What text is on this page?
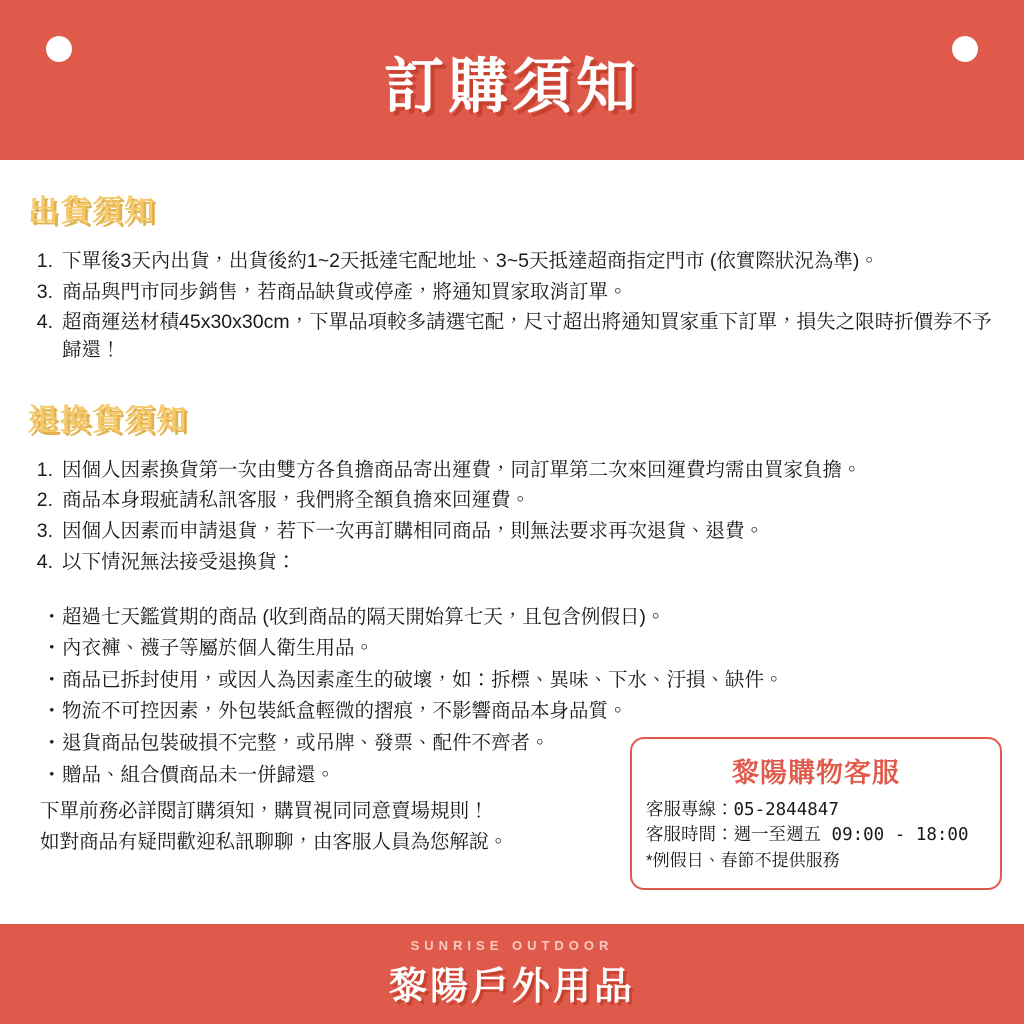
訂購須知
出貨須知
1. 下單後3天內出貨，出貨後約1~2天抵達宅配地址、3~5天抵達超商指定門市 (依實際狀況為準)。
3. 商品與門市同步銷售，若商品缺貨或停產，將通知買家取消訂單。
4. 超商運送材積45x30x30cm，下單品項較多請選宅配，尺寸超出將通知買家重下訂單，損失之限時折價券不予歸還！
退換貨須知
1. 因個人因素換貨第一次由雙方各負擔商品寄出運費，同訂單第二次來回運費均需由買家負擔。
2. 商品本身瑕疵請私訊客服，我們將全額負擔來回運費。
3. 因個人因素而申請退貨，若下一次再訂購相同商品，則無法要求再次退貨、退費。
4. 以下情況無法接受退換貨：
・ 超過七天鑑賞期的商品 (收到商品的隔天開始算七天，且包含例假日)。
・ 內衣褲、襪子等屬於個人衛生用品。
・ 商品已拆封使用，或因人為因素產生的破壞，如：拆標、異味、下水、汙損、缺件。
・ 物流不可控因素，外包裝紙盒輕微的摺痕，不影響商品本身品質。
・ 退貨商品包裝破損不完整，或吊牌、發票、配件不齊者。
・ 贈品、組合價商品未一併歸還。
下單前務必詳閱訂購須知，購買視同同意賣場規則！
如對商品有疑問歡迎私訊聊聊，由客服人員為您解說。
黎陽購物客服
客服專線：05-2844847
客服時間：週一至週五 09:00 - 18:00
*例假日、春節不提供服務
SUNRISE OUTDOOR
黎陽戶外用品
